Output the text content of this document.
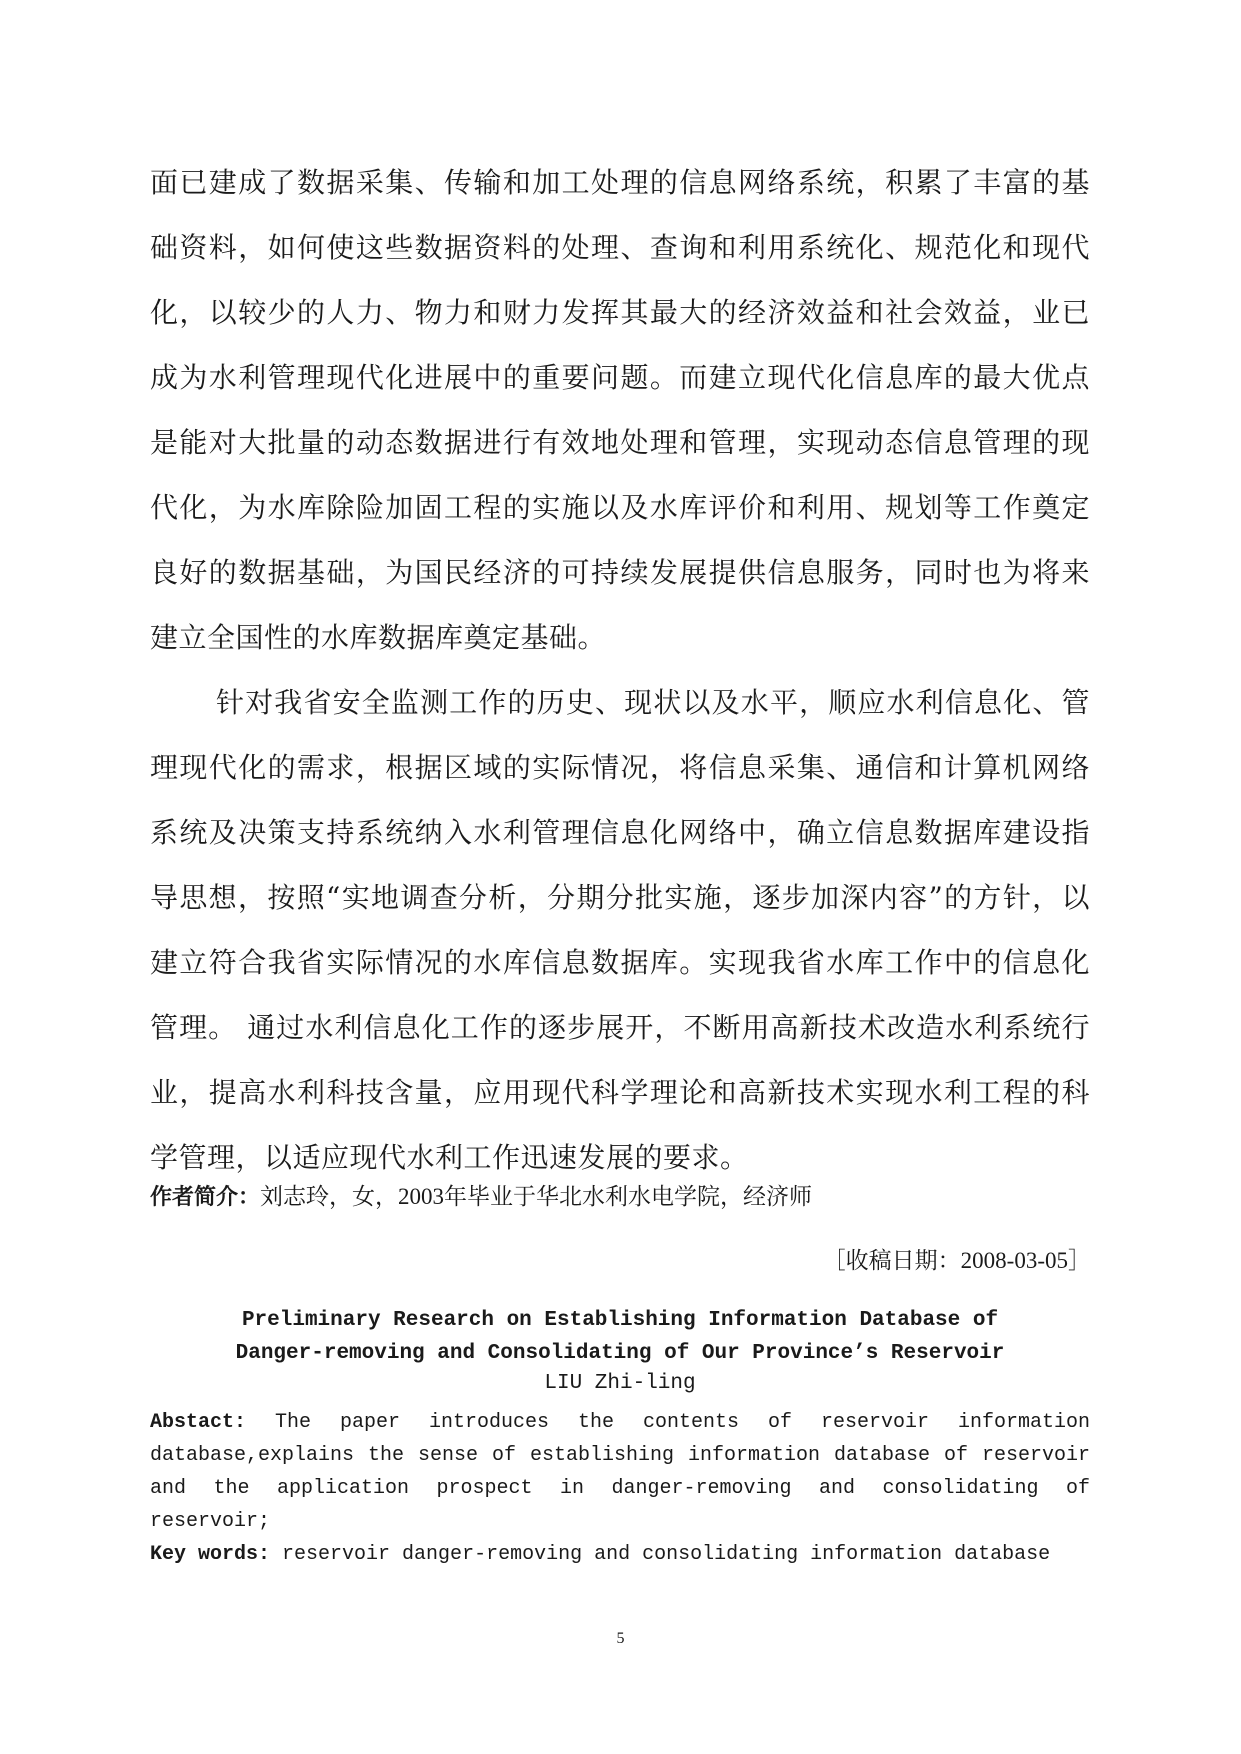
面已建成了数据采集、传输和加工处理的信息网络系统，积累了丰富的基础资料，如何使这些数据资料的处理、查询和利用系统化、规范化和现代化，以较少的人力、物力和财力发挥其最大的经济效益和社会效益，业已成为水利管理现代化进展中的重要问题。而建立现代化信息库的最大优点是能对大批量的动态数据进行有效地处理和管理，实现动态信息管理的现代化，为水库除险加固工程的实施以及水库评价和利用、规划等工作奠定良好的数据基础，为国民经济的可持续发展提供信息服务，同时也为将来建立全国性的水库数据库奠定基础。

针对我省安全监测工作的历史、现状以及水平，顺应水利信息化、管理现代化的需求，根据区域的实际情况，将信息采集、通信和计算机网络系统及决策支持系统纳入水利管理信息化网络中，确立信息数据库建设指导思想，按照“实地调查分析，分期分批实施，逐步加深内容”的方针，以建立符合我省实际情况的水库信息数据库。实现我省水库工作中的信息化管理。 通过水利信息化工作的逐步展开，不断用高新技术改造水利系统行业，提高水利科技含量，应用现代科学理论和高新技术实现水利工程的科学管理，以适应现代水利工作迅速发展的要求。

作者简介：刘志玲，女，2003年毕业于华北水利水电学院，经济师

［收稿日期：2008-03-05］

Preliminary Research on Establishing Information Database of
Danger-removing and Consolidating of Our Province’s Reservoir

LIU Zhi-ling

Abstact: The paper introduces the contents of reservoir information database,explains the sense of establishing information database of reservoir and the application prospect in danger-removing and consolidating of reservoir;
Key words: reservoir danger-removing and consolidating information database

5
